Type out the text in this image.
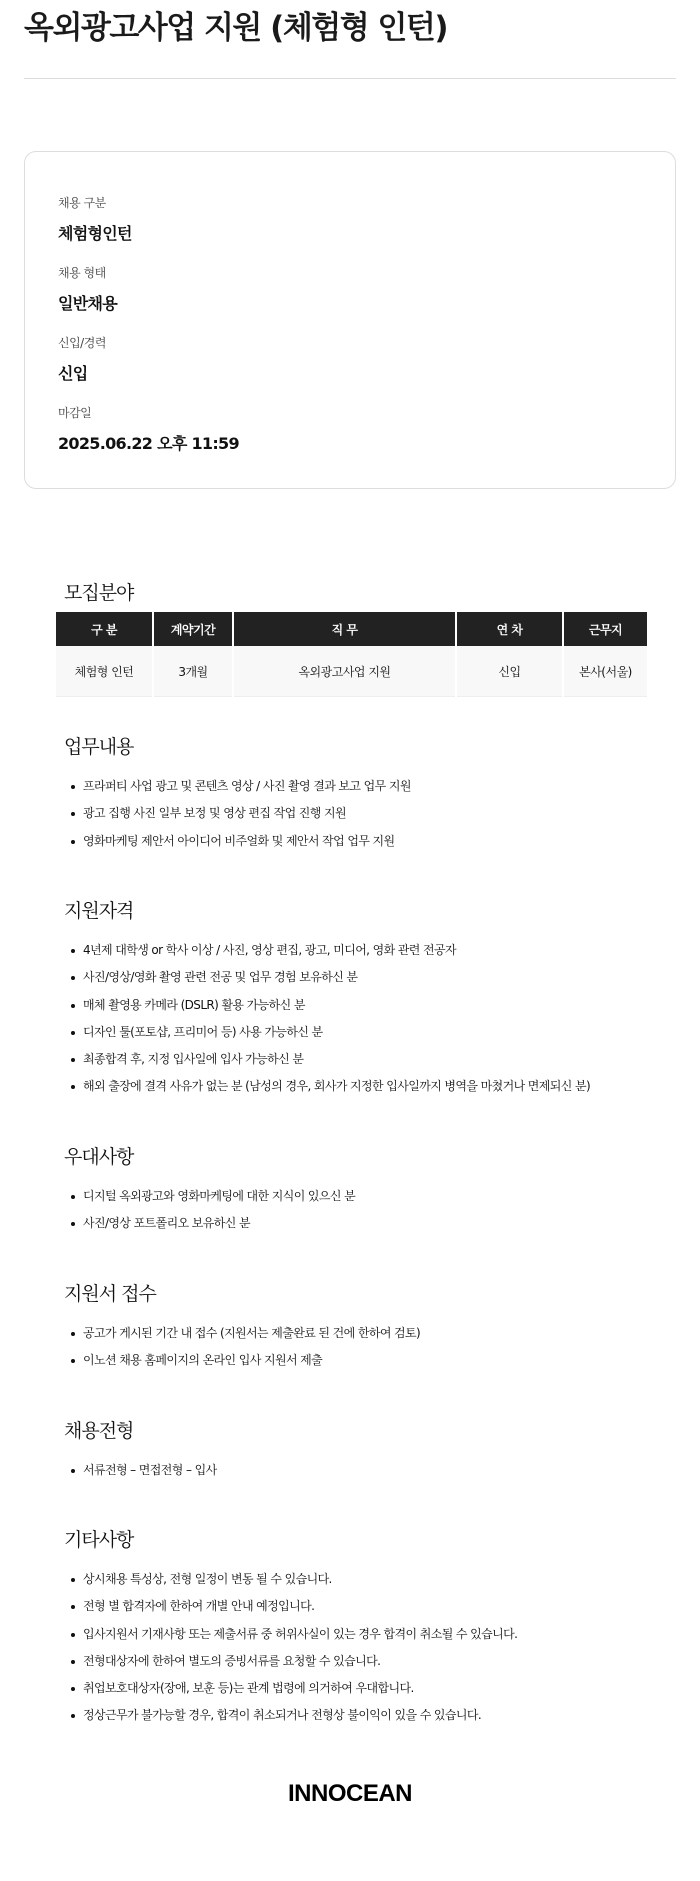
옥외광고사업 지원 (체험형 인턴)
채용 구분
체험형인턴
채용 형태
일반채용
신입/경력
신입
마감일
2025.06.22 오후 11:59
모집분야
구 분	계약기간	직 무	연 차	근무지
체험형 인턴	3개월	옥외광고사업 지원	신입	본사(서울)
업무내용
프라퍼티 사업 광고 및 콘텐츠 영상 / 사진 촬영 결과 보고 업무 지원
광고 집행 사진 일부 보정 및 영상 편집 작업 진행 지원
영화마케팅 제안서 아이디어 비주얼화 및 제안서 작업 업무 지원
지원자격
4년제 대학생 or 학사 이상 / 사진, 영상 편집, 광고, 미디어, 영화 관련 전공자
사진/영상/영화 촬영 관련 전공 및 업무 경험 보유하신 분
매체 촬영용 카메라 (DSLR) 활용 가능하신 분
디자인 툴(포토샵, 프리미어 등) 사용 가능하신 분
최종합격 후, 지정 입사일에 입사 가능하신 분
해외 출장에 결격 사유가 없는 분 (남성의 경우, 회사가 지정한 입사일까지 병역을 마쳤거나 면제되신 분)
우대사항
디지털 옥외광고와 영화마케팅에 대한 지식이 있으신 분
사진/영상 포트폴리오 보유하신 분
지원서 접수
공고가 게시된 기간 내 접수 (지원서는 제출완료 된 건에 한하여 검토)
이노션 채용 홈페이지의 온라인 입사 지원서 제출
채용전형
서류전형 – 면접전형 – 입사
기타사항
상시채용 특성상, 전형 일정이 변동 될 수 있습니다.
전형 별 합격자에 한하여 개별 안내 예정입니다.
입사지원서 기재사항 또는 제출서류 중 허위사실이 있는 경우 합격이 취소될 수 있습니다.
전형대상자에 한하여 별도의 증빙서류를 요청할 수 있습니다.
취업보호대상자(장애, 보훈 등)는 관계 법령에 의거하여 우대합니다.
정상근무가 불가능할 경우, 합격이 취소되거나 전형상 불이익이 있을 수 있습니다.
INNOCEAN
